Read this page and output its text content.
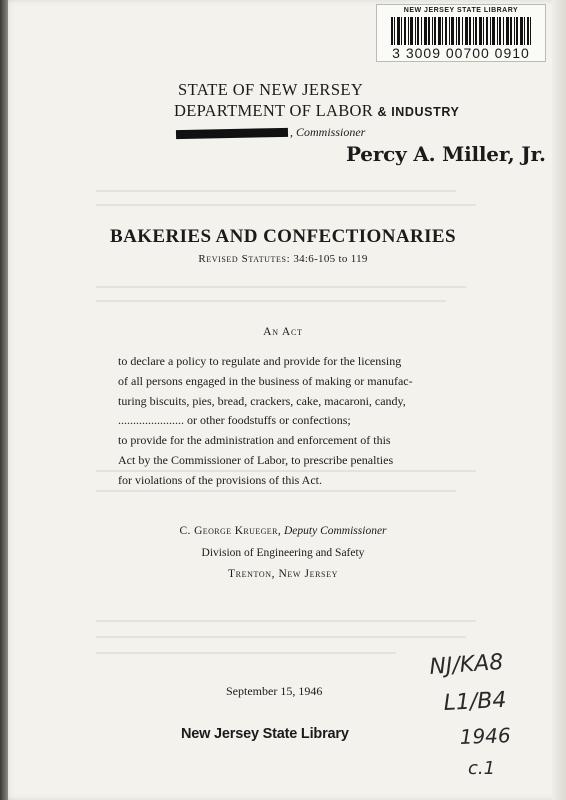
NEW JERSEY STATE LIBRARY
3 3009 00700 0910
STATE OF NEW JERSEY
DEPARTMENT OF LABOR & INDUSTRY
, Commissioner
Percy A. Miller, Jr.
BAKERIES AND CONFECTIONARIES
Revised Statutes: 34:6-105 to 119
An Act
to declare a policy to regulate and provide for the licensing
of all persons engaged in the business of making or manufac-
turing biscuits, pies, bread, crackers, cake, macaroni, candy,
...................... or other foodstuffs or confections;
to provide for the administration and enforcement of this
Act by the Commissioner of Labor, to prescribe penalties
for violations of the provisions of this Act.
C. George Krueger, Deputy Commissioner
Division of Engineering and Safety
Trenton, New Jersey
September 15, 1946
New Jersey State Library
NJ/KA8
L1/B4
1946
c.1
